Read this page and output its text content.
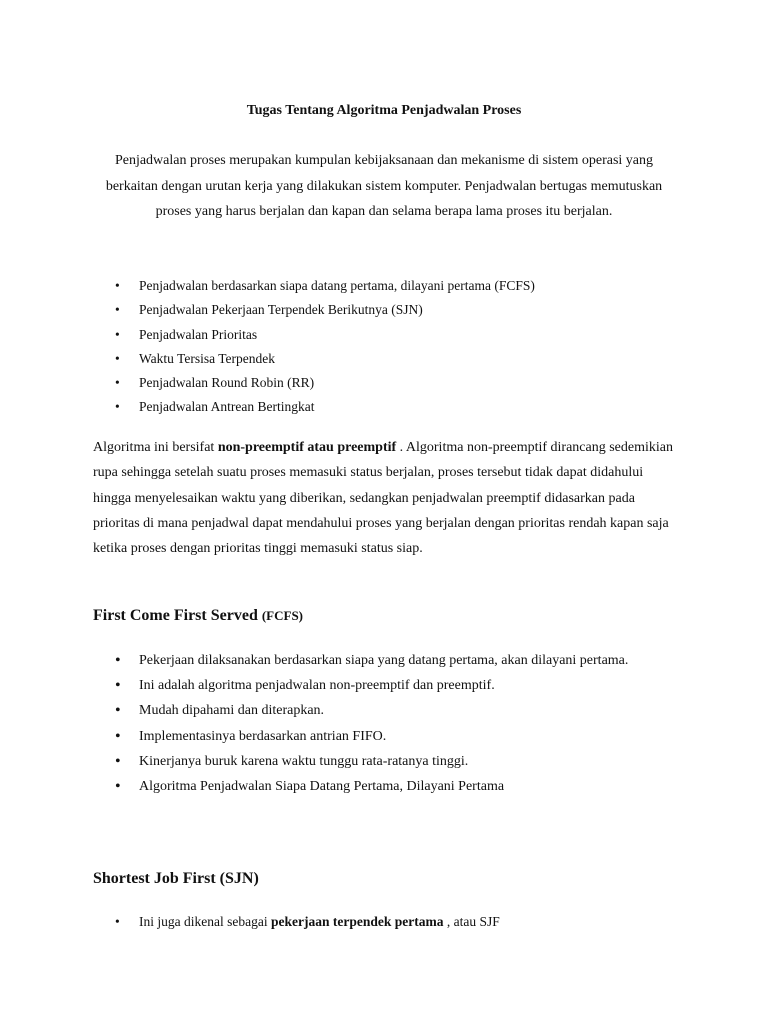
Tugas Tentang Algoritma Penjadwalan Proses

Penjadwalan proses merupakan kumpulan kebijaksanaan dan mekanisme di sistem operasi yang berkaitan dengan urutan kerja yang dilakukan sistem komputer. Penjadwalan bertugas memutuskan proses yang harus berjalan dan kapan dan selama berapa lama proses itu berjalan.

• Penjadwalan berdasarkan siapa datang pertama, dilayani pertama (FCFS)
• Penjadwalan Pekerjaan Terpendek Berikutnya (SJN)
• Penjadwalan Prioritas
• Waktu Tersisa Terpendek
• Penjadwalan Round Robin (RR)
• Penjadwalan Antrean Bertingkat

Algoritma ini bersifat non-preemptif atau preemptif . Algoritma non-preemptif dirancang sedemikian rupa sehingga setelah suatu proses memasuki status berjalan, proses tersebut tidak dapat didahului hingga menyelesaikan waktu yang diberikan, sedangkan penjadwalan preemptif didasarkan pada prioritas di mana penjadwal dapat mendahului proses yang berjalan dengan prioritas rendah kapan saja ketika proses dengan prioritas tinggi memasuki status siap.

First Come First Served (FCFS)
• Pekerjaan dilaksanakan berdasarkan siapa yang datang pertama, akan dilayani pertama.
• Ini adalah algoritma penjadwalan non-preemptif dan preemptif.
• Mudah dipahami dan diterapkan.
• Implementasinya berdasarkan antrian FIFO.
• Kinerjanya buruk karena waktu tunggu rata-ratanya tinggi.
• Algoritma Penjadwalan Siapa Datang Pertama, Dilayani Pertama
Shortest Job First (SJN)
• Ini juga dikenal sebagai pekerjaan terpendek pertama , atau SJF
